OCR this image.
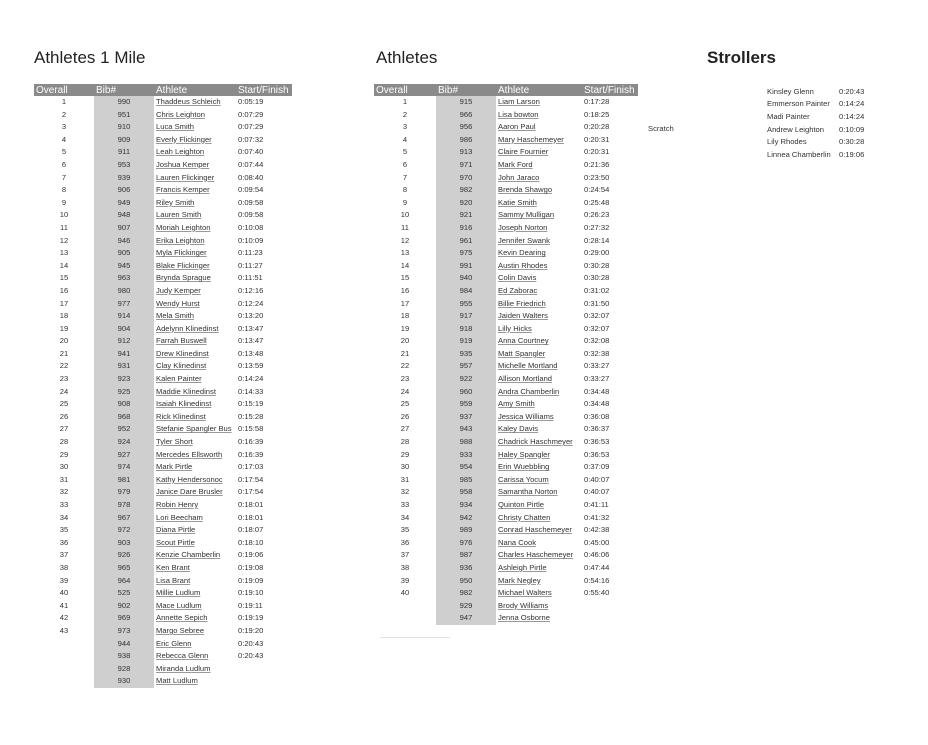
Athletes 1 Mile	Athletes	Strollers
Overall	Bib#	Athlete	Start/Finish
1	990	Thaddeus Schleich	0:05:19
2	951	Chris Leighton	0:07:29
3	910	Luca Smith	0:07:29
4	909	Everly Flickinger	0:07:32
5	911	Leah Leighton	0:07:40
6	953	Joshua Kemper	0:07:44
7	939	Lauren Flickinger	0:08:40
8	906	Francis Kemper	0:09:54
9	949	Riley Smith	0:09:58
10	948	Lauren Smith	0:09:58
11	907	Moriah Leighton	0:10:08
12	946	Erika Leighton	0:10:09
13	905	Myla Flickinger	0:11:23
14	945	Blake Flickinger	0:11:27
15	963	Brynda Sprague	0:11:51
16	980	Judy Kemper	0:12:16
17	977	Wendy Hurst	0:12:24
18	914	Mela Smith	0:13:20
19	904	Adelynn Klinedinst	0:13:47
20	912	Farrah Buswell	0:13:47
21	941	Drew Klinedinst	0:13:48
22	931	Clay Klinedinst	0:13:59
23	923	Kalen Painter	0:14:24
24	925	Maddie Klinedinst	0:14:33
25	908	Isaiah Klinedinst	0:15:19
26	968	Rick Klinedinst	0:15:28
27	952	Stefanie Spangler Bus	0:15:58
28	924	Tyler Short	0:16:39
29	927	Mercedes Ellsworth	0:16:39
30	974	Mark Pirtle	0:17:03
31	981	Kathy Hendersonoc	0:17:54
32	979	Janice Dare Brusler	0:17:54
33	978	Robin Henry	0:18:01
34	967	Lori Beecham	0:18:01
35	972	Diana Pirtle	0:18:07
36	903	Scout Pirtle	0:18:10
37	926	Kenzie Chamberlin	0:19:06
38	965	Ken Brant	0:19:08
39	964	Lisa Brant	0:19:09
40	525	Millie Ludlum	0:19:10
41	902	Mace Ludlum	0:19:11
42	969	Annette Sepich	0:19:19
43	973	Margo Sebree	0:19:20
	944	Eric Glenn	0:20:43
	938	Rebecca Glenn	0:20:43
	928	Miranda Ludlum	
	930	Matt Ludlum	
Overall	Bib#	Athlete	Start/Finish
1	915	Liam Larson	0:17:28
2	966	Lisa bowton	0:18:25
3	956	Aaron Paul	0:20:28
4	986	Mary Haschemeyer	0:20:31
5	913	Claire Fournier	0:20:31
6	971	Mark Ford	0:21:36
7	970	John Jaraco	0:23:50
8	982	Brenda Shawgo	0:24:54
9	920	Katie Smith	0:25:48
10	921	Sammy Mulligan	0:26:23
11	916	Joseph Norton	0:27:32
12	961	Jennifer Swank	0:28:14
13	975	Kevin Dearing	0:29:00
14	991	Austin Rhodes	0:30:28
15	940	Colin Davis	0:30:28
16	984	Ed Zaborac	0:31:02
17	955	Billie Friedrich	0:31:50
18	917	Jaiden Walters	0:32:07
19	918	Lilly Hicks	0:32:07
20	919	Anna Courtney	0:32:08
21	935	Matt Spangler	0:32:38
22	957	Michelle Mortland	0:33:27
23	922	Allison Mortland	0:33:27
24	960	Andra Chamberlin	0:34:48
25	959	Amy Smith	0:34:48
26	937	Jessica Williams	0:36:08
27	943	Kaley Davis	0:36:37
28	988	Chadrick Haschmeyer	0:36:53
29	933	Haley Spangler	0:36:53
30	954	Erin Wuebbling	0:37:09
31	985	Carissa Yocum	0:40:07
32	958	Samantha Norton	0:40:07
33	934	Quinton Pirtle	0:41:11
34	942	Christy Chatten	0:41:32
35	989	Conrad Haschemeyer	0:42:38
36	976	Nana Cook	0:45:00
37	987	Charles Haschemeyer	0:46:06
38	936	Ashleigh Pirtle	0:47:44
39	950	Mark Negley	0:54:16
40	982	Michael Walters	0:55:40
	929	Brody Williams	
	947	Jenna Osborne	
Scratch
Kinsley Glenn	0:20:43
Emmerson Painter	0:14:24
Madi Painter	0:14:24
Andrew Leighton	0:10:09
Lily Rhodes	0:30:28
Linnea Chamberlin	0:19:06
